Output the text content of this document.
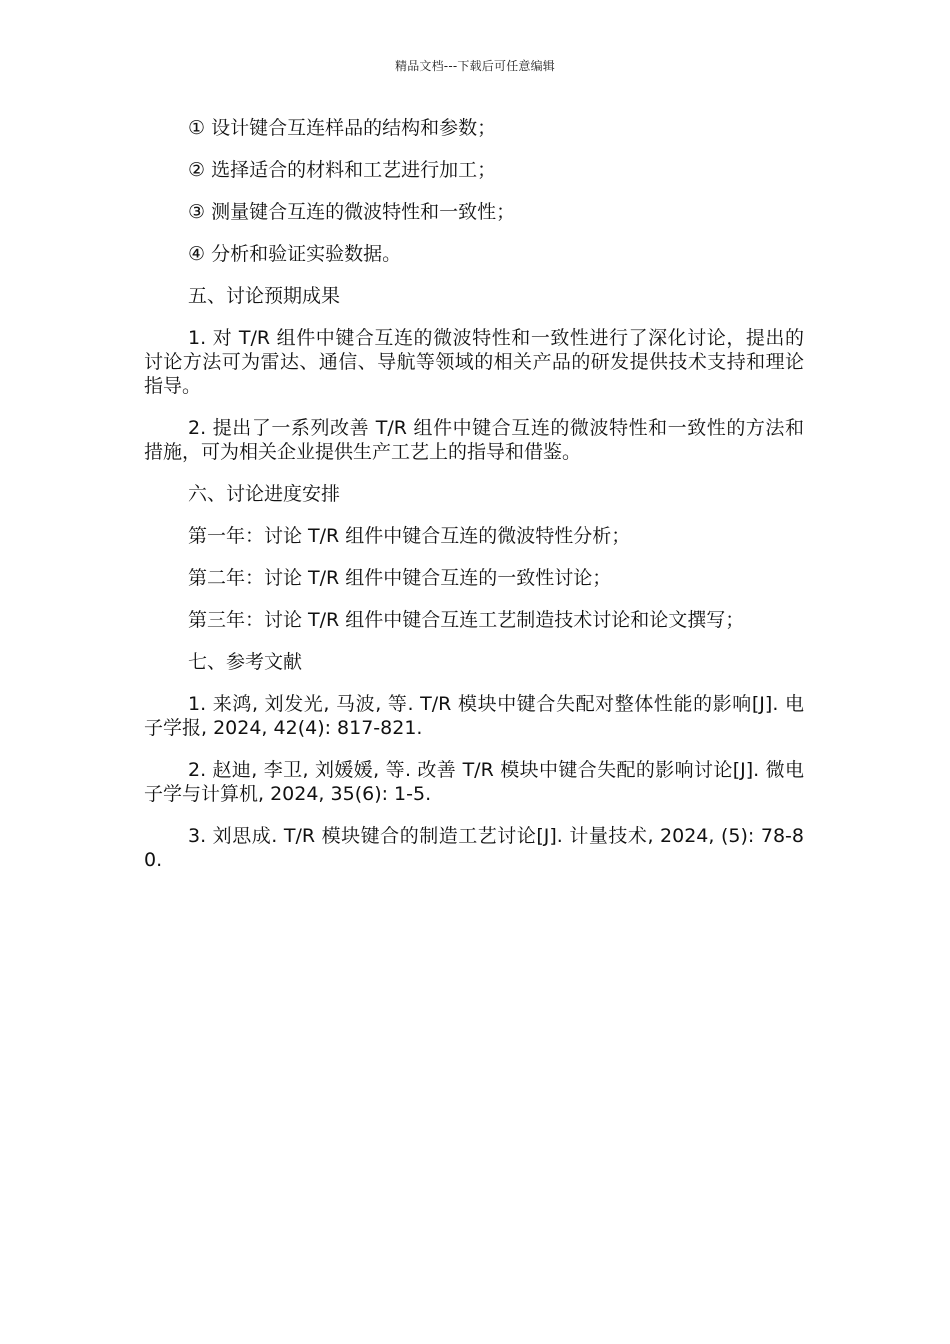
精品文档---下载后可任意编辑

① 设计键合互连样品的结构和参数；

② 选择适合的材料和工艺进行加工；

③ 测量键合互连的微波特性和一致性；

④ 分析和验证实验数据。

五、讨论预期成果

1. 对 T/R 组件中键合互连的微波特性和一致性进行了深化讨论，提出的讨论方法可为雷达、通信、导航等领域的相关产品的研发提供技术支持和理论指导。

2. 提出了一系列改善 T/R 组件中键合互连的微波特性和一致性的方法和措施，可为相关企业提供生产工艺上的指导和借鉴。

六、讨论进度安排

第一年：讨论 T/R 组件中键合互连的微波特性分析；

第二年：讨论 T/R 组件中键合互连的一致性讨论；

第三年：讨论 T/R 组件中键合互连工艺制造技术讨论和论文撰写；

七、参考文献

1. 来鸿, 刘发光, 马波, 等. T/R 模块中键合失配对整体性能的影响[J]. 电子学报, 2024, 42(4): 817-821.

2. 赵迪, 李卫, 刘媛媛, 等. 改善 T/R 模块中键合失配的影响讨论[J]. 微电子学与计算机, 2024, 35(6): 1-5.

3. 刘思成. T/R 模块键合的制造工艺讨论[J]. 计量技术, 2024, (5): 78-80.
